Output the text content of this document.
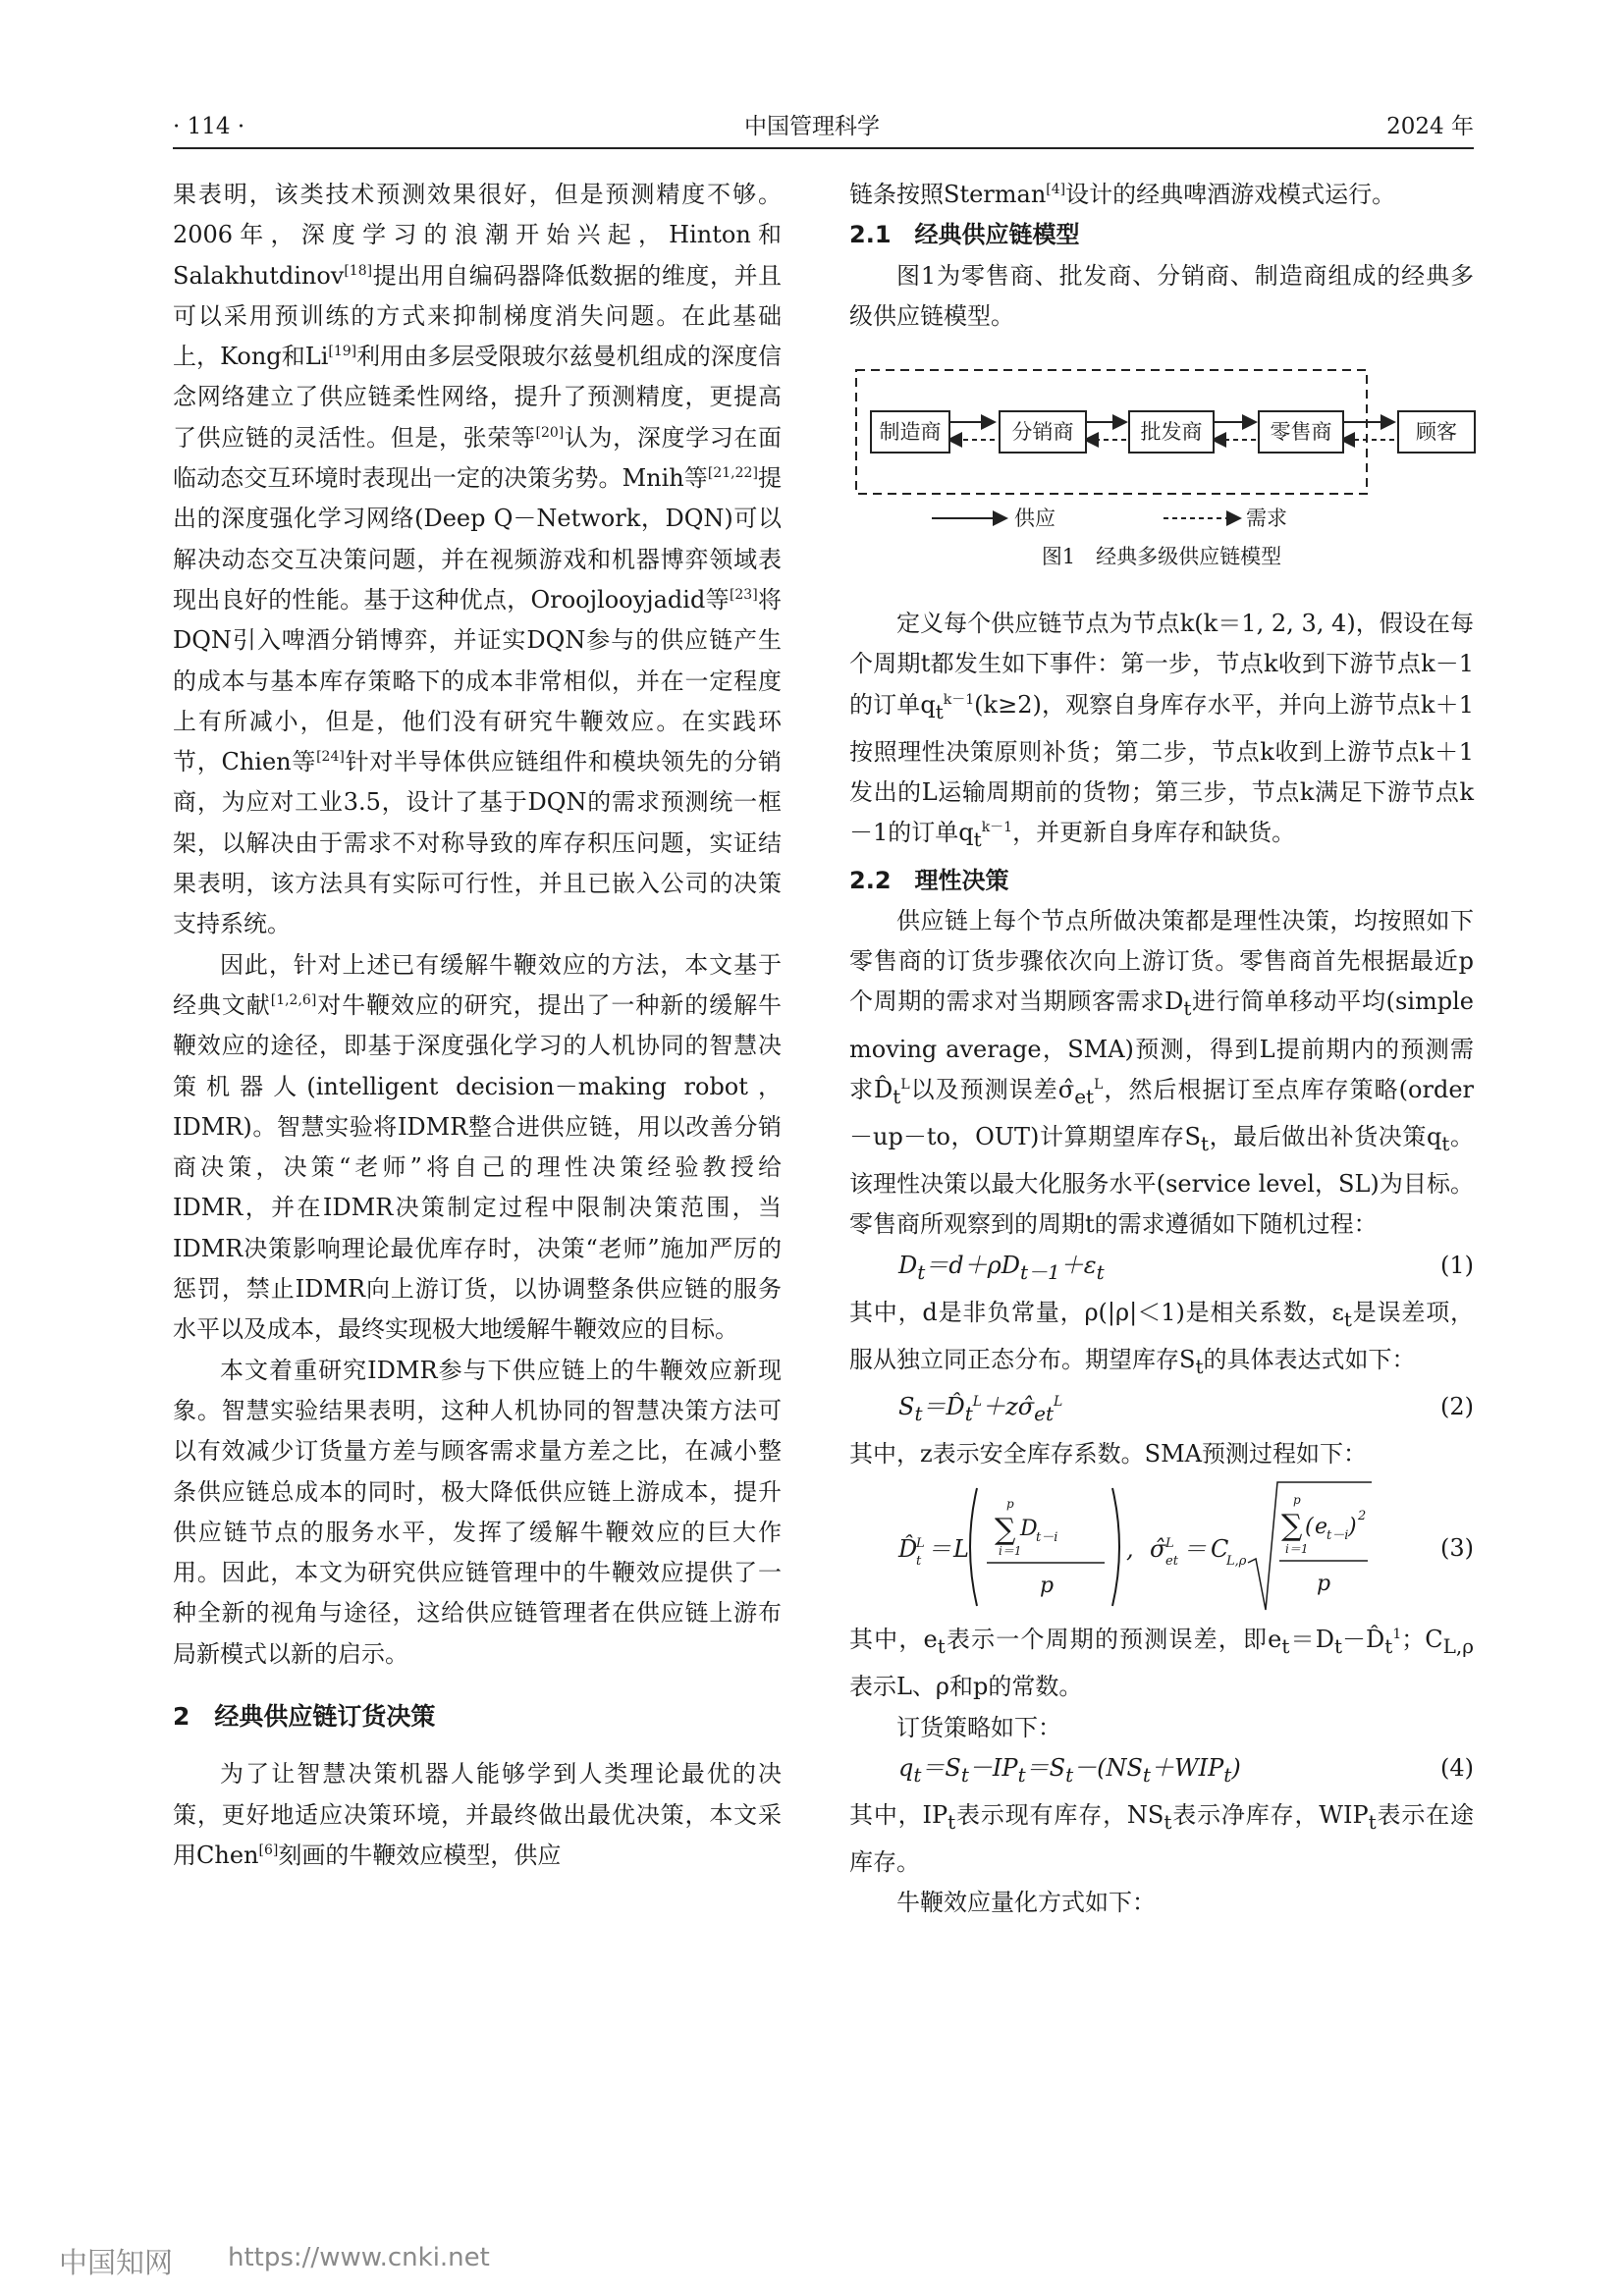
· 114 ·	中国管理科学	2024 年

果表明，该类技术预测效果很好，但是预测精度不够。2006年，深度学习的浪潮开始兴起，Hinton和Salakhutdinov[18]提出用自编码器降低数据的维度，并且可以采用预训练的方式来抑制梯度消失问题。在此基础上，Kong和Li[19]利用由多层受限玻尔兹曼机组成的深度信念网络建立了供应链柔性网络，提升了预测精度，更提高了供应链的灵活性。但是，张荣等[20]认为，深度学习在面临动态交互环境时表现出一定的决策劣势。Mnih等[21,22]提出的深度强化学习网络(Deep Q－Network，DQN)可以解决动态交互决策问题，并在视频游戏和机器博弈领域表现出良好的性能。基于这种优点，Oroojlooyjadid等[23]将DQN引入啤酒分销博弈，并证实DQN参与的供应链产生的成本与基本库存策略下的成本非常相似，并在一定程度上有所减小，但是，他们没有研究牛鞭效应。在实践环节，Chien等[24]针对半导体供应链组件和模块领先的分销商，为应对工业3.5，设计了基于DQN的需求预测统一框架，以解决由于需求不对称导致的库存积压问题，实证结果表明，该方法具有实际可行性，并且已嵌入公司的决策支持系统。

因此，针对上述已有缓解牛鞭效应的方法，本文基于经典文献[1,2,6]对牛鞭效应的研究，提出了一种新的缓解牛鞭效应的途径，即基于深度强化学习的人机协同的智慧决策机器人(intelligent decision－making robot，IDMR)。智慧实验将IDMR整合进供应链，用以改善分销商决策，决策“老师”将自己的理性决策经验教授给IDMR，并在IDMR决策制定过程中限制决策范围，当IDMR决策影响理论最优库存时，决策“老师”施加严厉的惩罚，禁止IDMR向上游订货，以协调整条供应链的服务水平以及成本，最终实现极大地缓解牛鞭效应的目标。

本文着重研究IDMR参与下供应链上的牛鞭效应新现象。智慧实验结果表明，这种人机协同的智慧决策方法可以有效减少订货量方差与顾客需求量方差之比，在减小整条供应链总成本的同时，极大降低供应链上游成本，提升供应链节点的服务水平，发挥了缓解牛鞭效应的巨大作用。因此，本文为研究供应链管理中的牛鞭效应提供了一种全新的视角与途径，这给供应链管理者在供应链上游布局新模式以新的启示。

2　经典供应链订货决策

为了让智慧决策机器人能够学到人类理论最优的决策，更好地适应决策环境，并最终做出最优决策，本文采用Chen[6]刻画的牛鞭效应模型，供应

链条按照Sterman[4]设计的经典啤酒游戏模式运行。

2.1　经典供应链模型

图1为零售商、批发商、分销商、制造商组成的经典多级供应链模型。

制造商	分销商	批发商	零售商	顾客
供应	需求
图1　经典多级供应链模型

定义每个供应链节点为节点k(k＝1, 2, 3, 4)，假设在每个周期t都发生如下事件：第一步，节点k收到下游节点k－1的订单$q_t^{k-1}(k\ge 2)$，观察自身库存水平，并向上游节点k＋1按照理性决策原则补货；第二步，节点k收到上游节点k＋1发出的L运输周期前的货物；第三步，节点k满足下游节点k－1的订单$q_t^{k-1}$，并更新自身库存和缺货。

2.2　理性决策

供应链上每个节点所做决策都是理性决策，均按照如下零售商的订货步骤依次向上游订货。零售商首先根据最近p个周期的需求对当期顾客需求$D_t$进行简单移动平均(simple moving average，SMA)预测，得到L提前期内的预测需求$D̂_t^L$以及预测误差$\sigmâ_{et}^L$，然后根据订至点库存策略(order－up－to，OUT)计算期望库存$S_t$，最后做出补货决策$q_t$。该理性决策以最大化服务水平(service level，SL)为目标。零售商所观察到的周期t的需求遵循如下随机过程：

$D_t=d+\rho D_{t-1}+\varepsilon_t$	(1)

其中，d是非负常量，ρ(|ρ|＜1)是相关系数，$\varepsilon_t$是误差项，服从独立同正态分布。期望库存$S_t$的具体表达式如下：

$S_t=D̂_t^L+z\sigmâ_{et}^L$	(2)

其中，z表示安全库存系数。SMA预测过程如下：

D̂
t
L ＝ L
p
∑ D
t－i
i＝1
p
, σ̂ et
L ＝ C
L,ρ
p
∑ ( e
t－i ) 2
i＝1
p
(3)

其中，$e_t$表示一个周期的预测误差，即$e_t=D_t-D̂_t^1$；$C_{L,\rho}$表示L、ρ和p的常数。

订货策略如下：

$q_t=S_t-IP_t=S_t-(NS_t+WIP_t)$	(4)

其中，$IP_t$表示现有库存，$NS_t$表示净库存，$WIP_t$表示在途库存。

牛鞭效应量化方式如下：

中国知网 https://www.cnki.net
